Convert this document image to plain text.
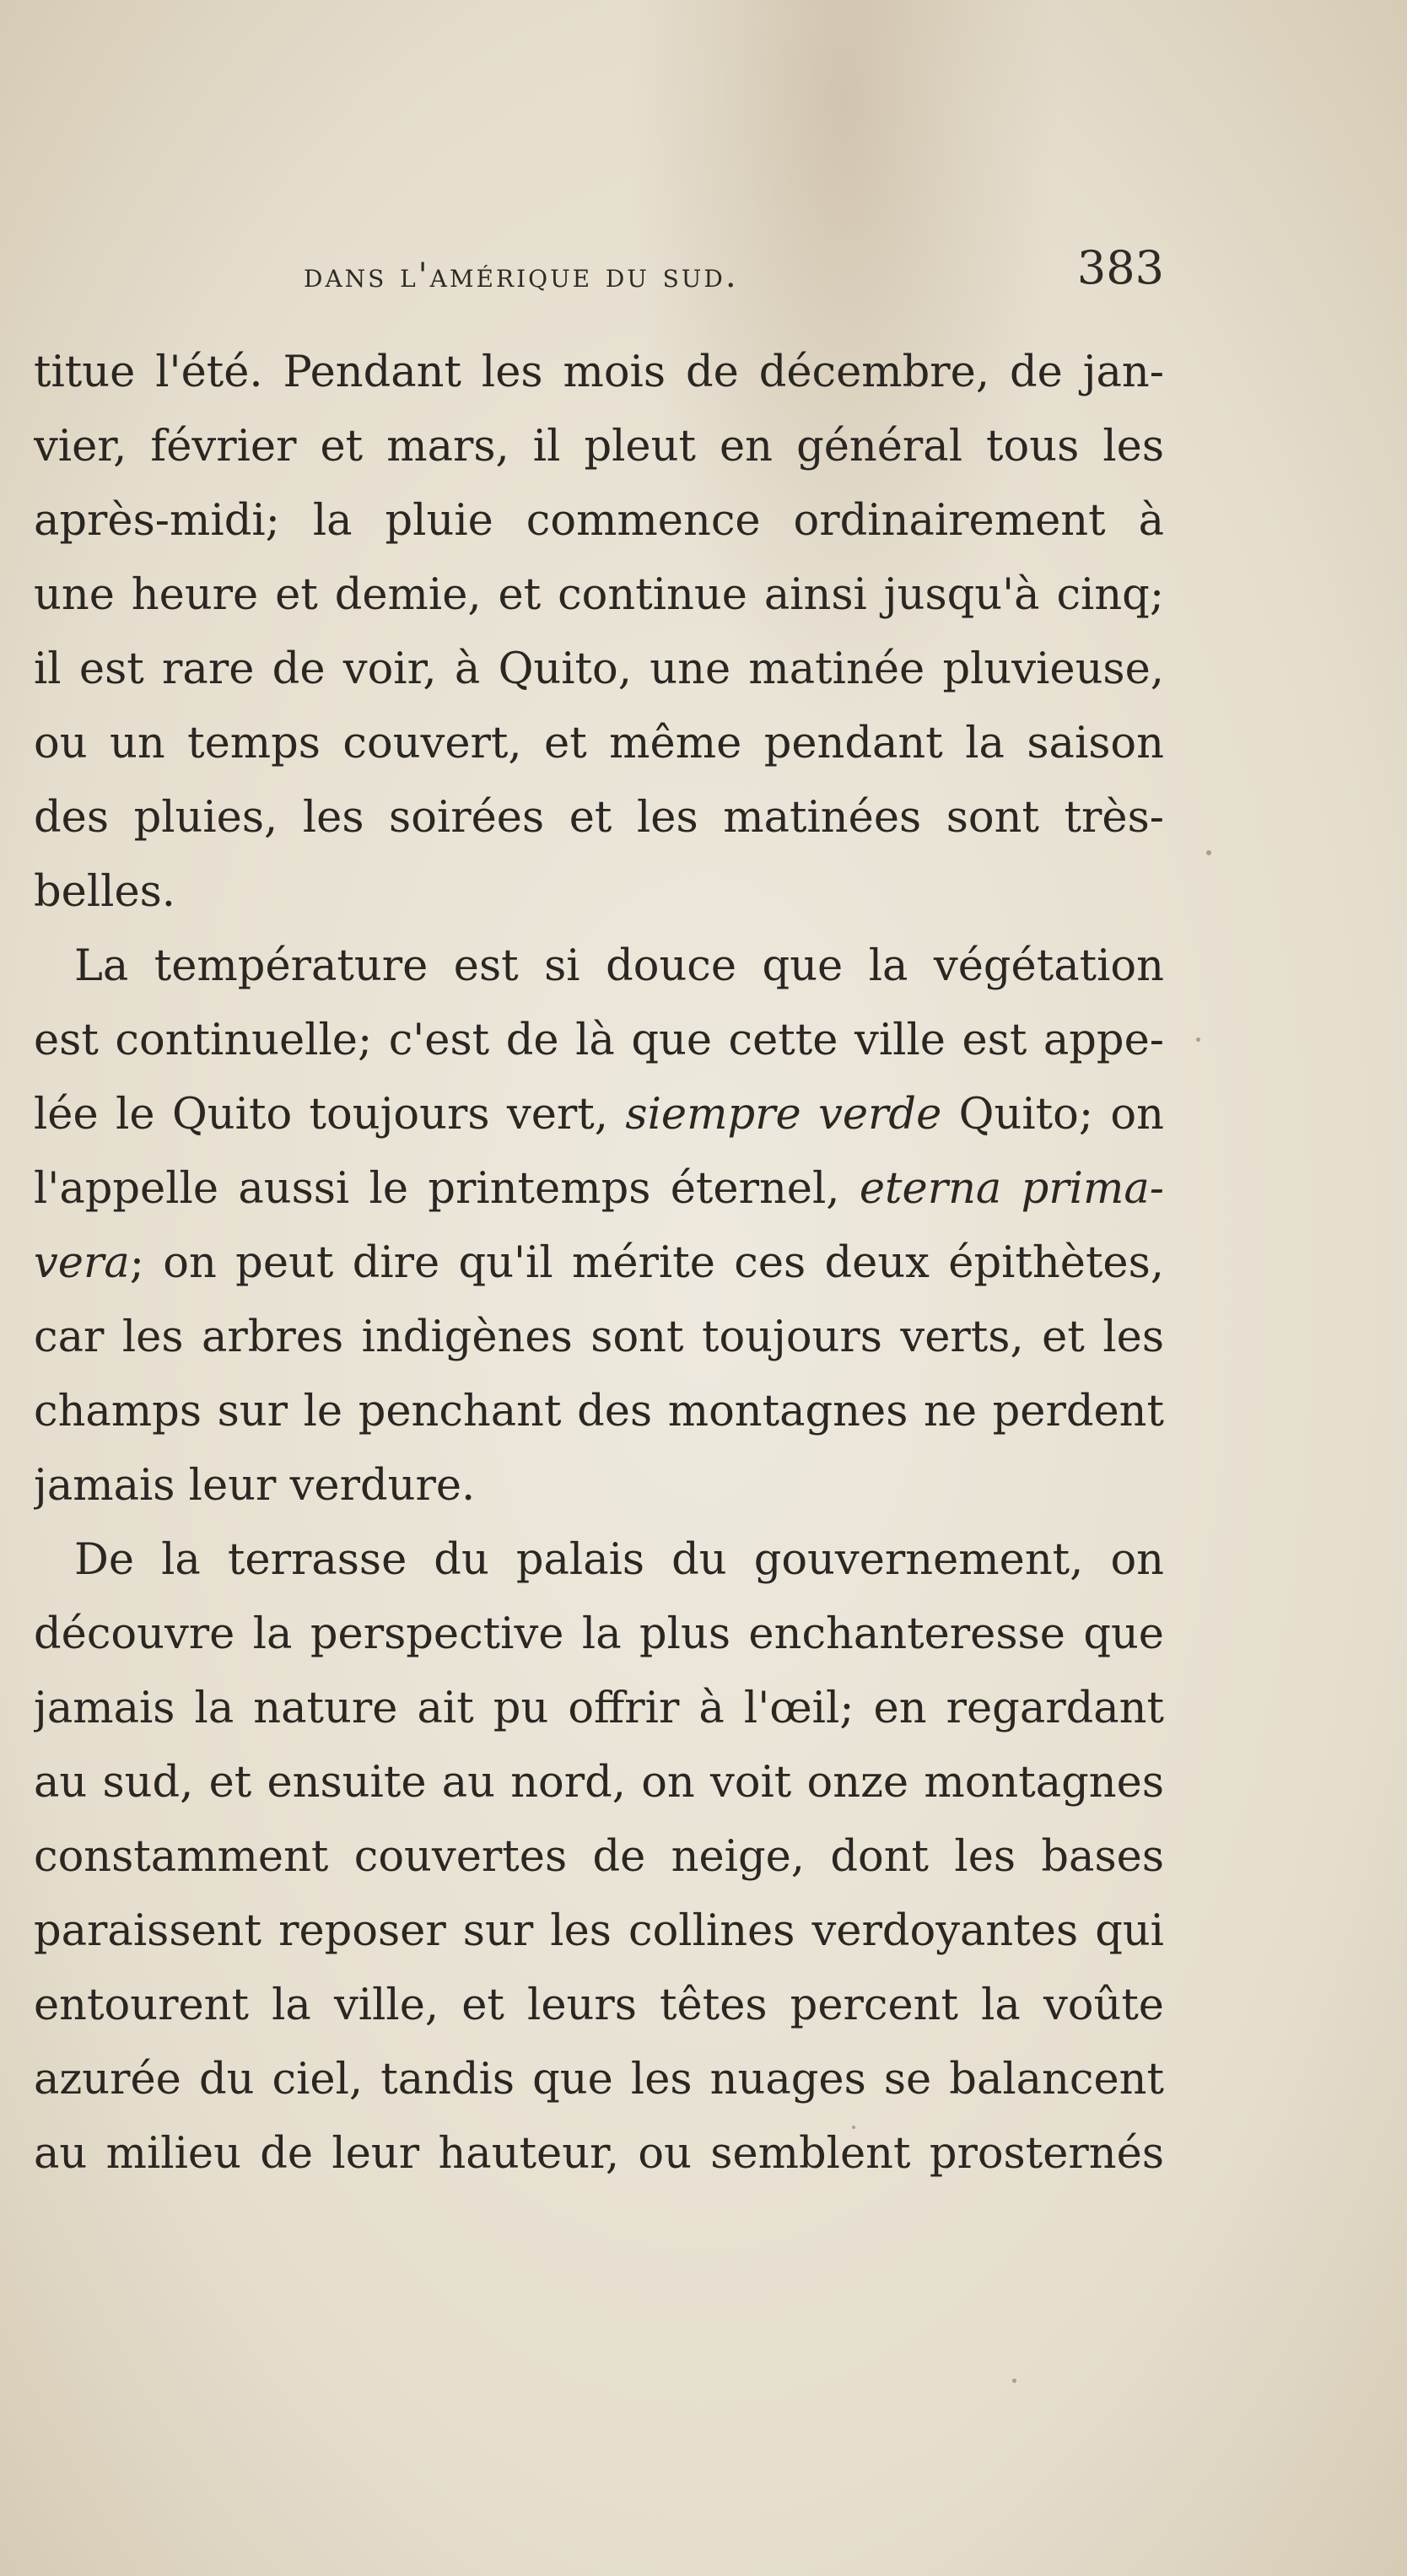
dans l'amérique du sud.	383
titue l'été. Pendant les mois de décembre, de jan-
vier, février et mars, il pleut en général tous les
après-midi; la pluie commence ordinairement à
une heure et demie, et continue ainsi jusqu'à cinq;
il est rare de voir, à Quito, une matinée pluvieuse,
ou un temps couvert, et même pendant la saison
des pluies, les soirées et les matinées sont très-
belles.
La température est si douce que la végétation
est continuelle; c'est de là que cette ville est appe-
lée le Quito toujours vert, siempre verde Quito; on
l'appelle aussi le printemps éternel, eterna prima-
vera; on peut dire qu'il mérite ces deux épithètes,
car les arbres indigènes sont toujours verts, et les
champs sur le penchant des montagnes ne perdent
jamais leur verdure.
De la terrasse du palais du gouvernement, on
découvre la perspective la plus enchanteresse que
jamais la nature ait pu offrir à l'œil; en regardant
au sud, et ensuite au nord, on voit onze montagnes
constamment couvertes de neige, dont les bases
paraissent reposer sur les collines verdoyantes qui
entourent la ville, et leurs têtes percent la voûte
azurée du ciel, tandis que les nuages se balancent
au milieu de leur hauteur, ou semblent prosternés
